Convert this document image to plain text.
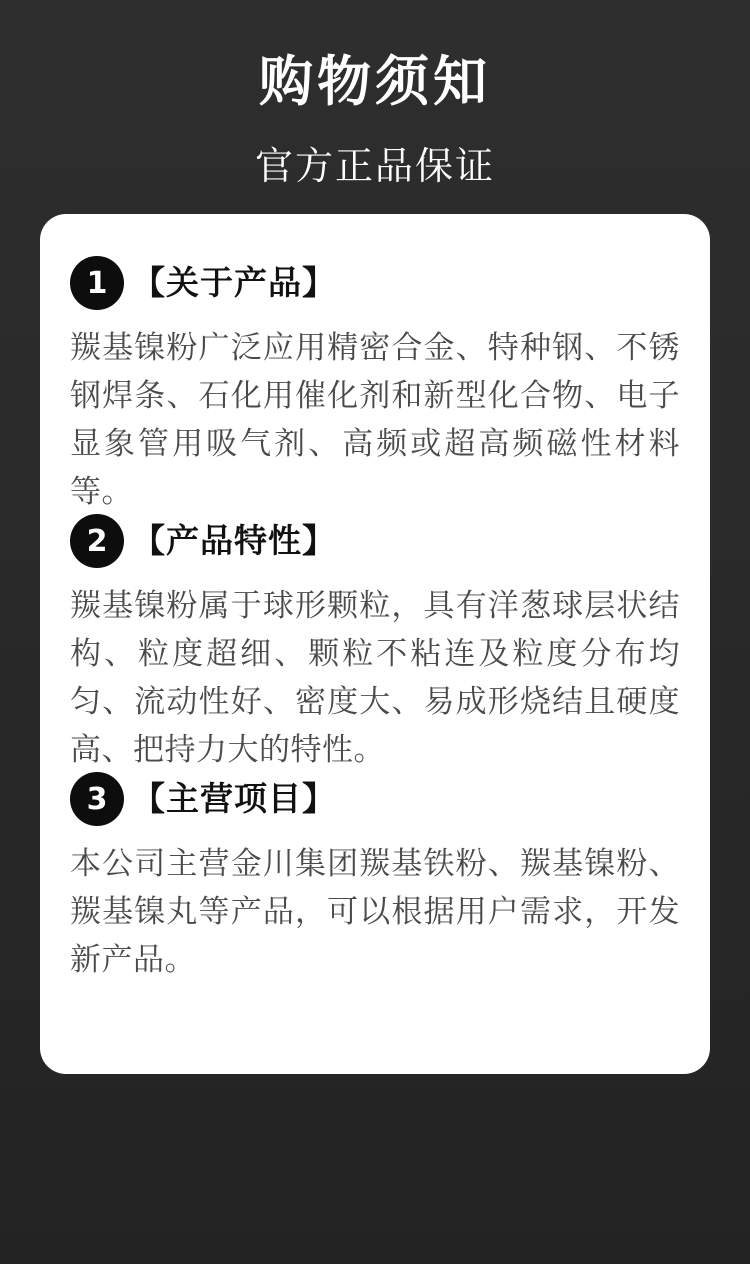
购物须知
官方正品保证
1 【关于产品】

羰基镍粉广泛应用精密合金、特种钢、不锈钢焊条、石化用催化剂和新型化合物、电子显象管用吸气剂、高频或超高频磁性材料等。

2 【产品特性】

羰基镍粉属于球形颗粒，具有洋葱球层状结构、粒度超细、颗粒不粘连及粒度分布均匀、流动性好、密度大、易成形烧结且硬度高、把持力大的特性。

3 【主营项目】

本公司主营金川集团羰基铁粉、羰基镍粉、羰基镍丸等产品，可以根据用户需求，开发新产品。
